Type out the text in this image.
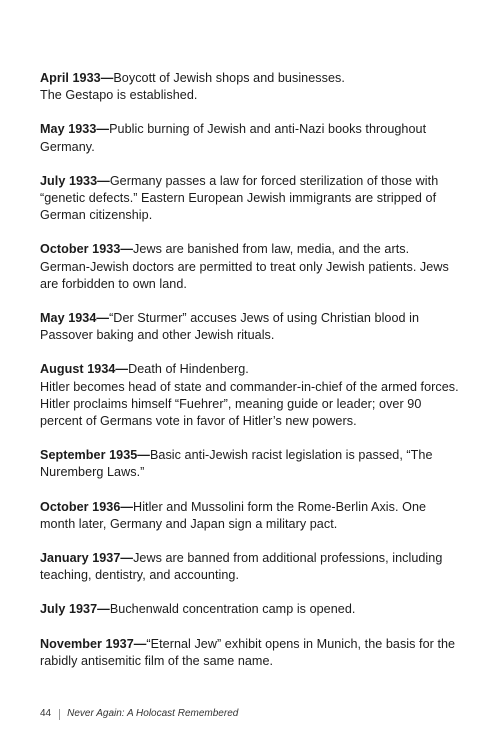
April 1933—Boycott of Jewish shops and businesses.

The Gestapo is established.

May 1933—Public burning of Jewish and anti-Nazi books throughout Germany.

July 1933—Germany passes a law for forced sterilization of those with “genetic defects.” Eastern European Jewish immigrants are stripped of German citizenship.

October 1933—Jews are banished from law, media, and the arts. German-Jewish doctors are permitted to treat only Jewish patients. Jews are forbidden to own land.

May 1934—“Der Sturmer” accuses Jews of using Christian blood in Passover baking and other Jewish rituals.

August 1934—Death of Hindenberg.

Hitler becomes head of state and commander-in-chief of the armed forces. Hitler proclaims himself “Fuehrer”, meaning guide or leader; over 90 percent of Germans vote in favor of Hitler’s new powers.

September 1935—Basic anti-Jewish racist legislation is passed, “The Nuremberg Laws.”

October 1936—Hitler and Mussolini form the Rome-Berlin Axis. One month later, Germany and Japan sign a military pact.

January 1937—Jews are banned from additional professions, including teaching, dentistry, and accounting.

July 1937—Buchenwald concentration camp is opened.

November 1937—“Eternal Jew” exhibit opens in Munich, the basis for the rabidly antisemitic film of the same name.

44 Never Again: A Holocast Remembered
